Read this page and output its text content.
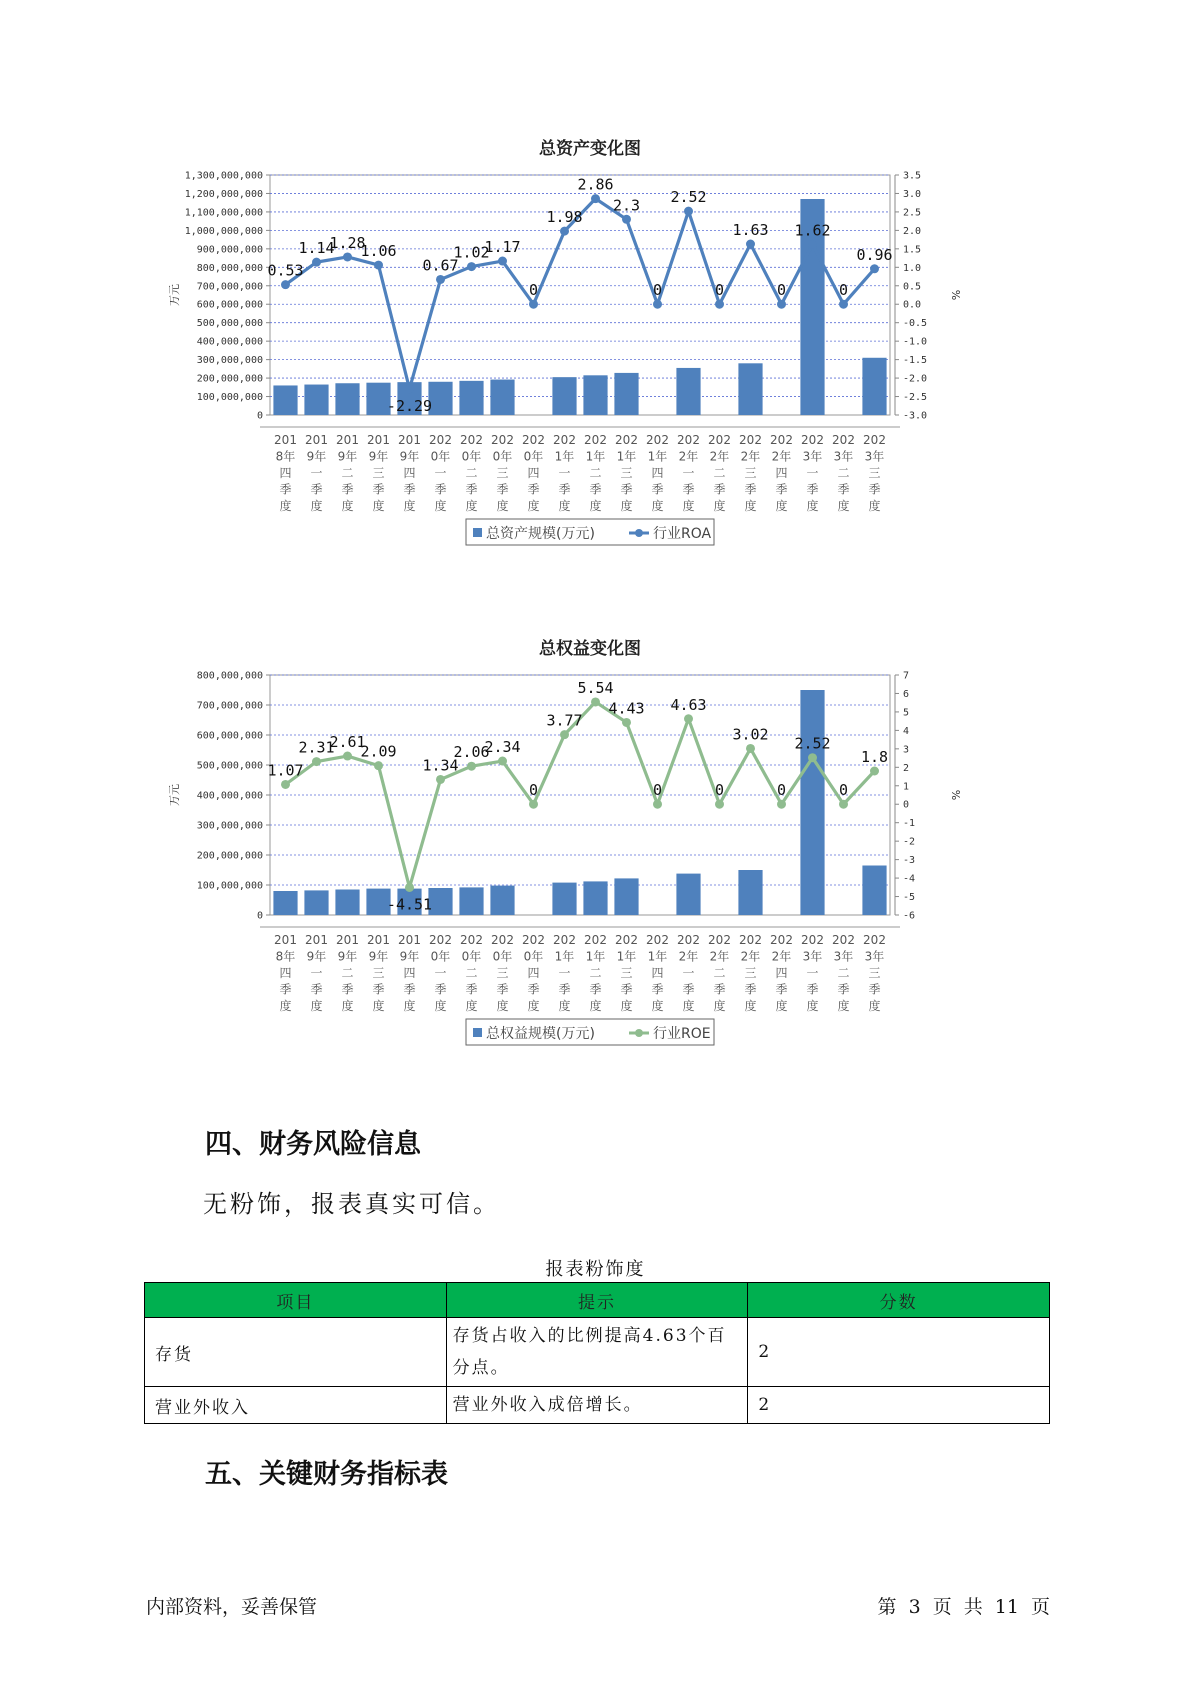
总资产变化图
0
100,000,000
200,000,000
300,000,000
400,000,000
500,000,000
600,000,000
700,000,000
800,000,000
900,000,000
1,000,000,000
1,100,000,000
1,200,000,000
1,300,000,000
-3.0
-2.5
-2.0
-1.5
-1.0
-0.5
0.0
0.5
1.0
1.5
2.0
2.5
3.0
3.5
万元	%
0.53
1.14
1.28
1.06
-2.29
0.67
1.02
1.17
0
1.98
2.86
2.3
0
2.52
0
1.63
0
1.62
0
0.96
201
8年
四
季
度
201
9年
一
季
度
201
9年
二
季
度
201
9年
三
季
度
201
9年
四
季
度
202
0年
一
季
度
202
0年
二
季
度
202
0年
三
季
度
202
0年
四
季
度
202
1年
一
季
度
202
1年
二
季
度
202
1年
三
季
度
202
1年
四
季
度
202
2年
一
季
度
202
2年
二
季
度
202
2年
三
季
度
202
2年
四
季
度
202
3年
一
季
度
202
3年
二
季
度
202
3年
三
季
度
总资产规模(万元)	行业ROA
总权益变化图
0
100,000,000
200,000,000
300,000,000
400,000,000
500,000,000
600,000,000
700,000,000
800,000,000
-6
-5
-4
-3
-2
-1
0
1
2
3
4
5
6
7
万元	%
1.07
2.31
2.61
2.09
-4.51
1.34
2.06
2.34
0
3.77
5.54
4.43
0
4.63
0
3.02
0
2.52
0
1.8
201
8年
四
季
度
201
9年
一
季
度
201
9年
二
季
度
201
9年
三
季
度
201
9年
四
季
度
202
0年
一
季
度
202
0年
二
季
度
202
0年
三
季
度
202
0年
四
季
度
202
1年
一
季
度
202
1年
二
季
度
202
1年
三
季
度
202
1年
四
季
度
202
2年
一
季
度
202
2年
二
季
度
202
2年
三
季
度
202
2年
四
季
度
202
3年
一
季
度
202
3年
二
季
度
202
3年
三
季
度
总权益规模(万元)	行业ROE
四、财务风险信息

无粉饰，报表真实可信。

报表粉饰度
项目	提示	分数
存货	存货占收入的比例提高4.63个百分点。	2
营业外收入	营业外收入成倍增长。	2
五、关键财务指标表
内部资料，妥善保管	第 3 页 共 11 页
